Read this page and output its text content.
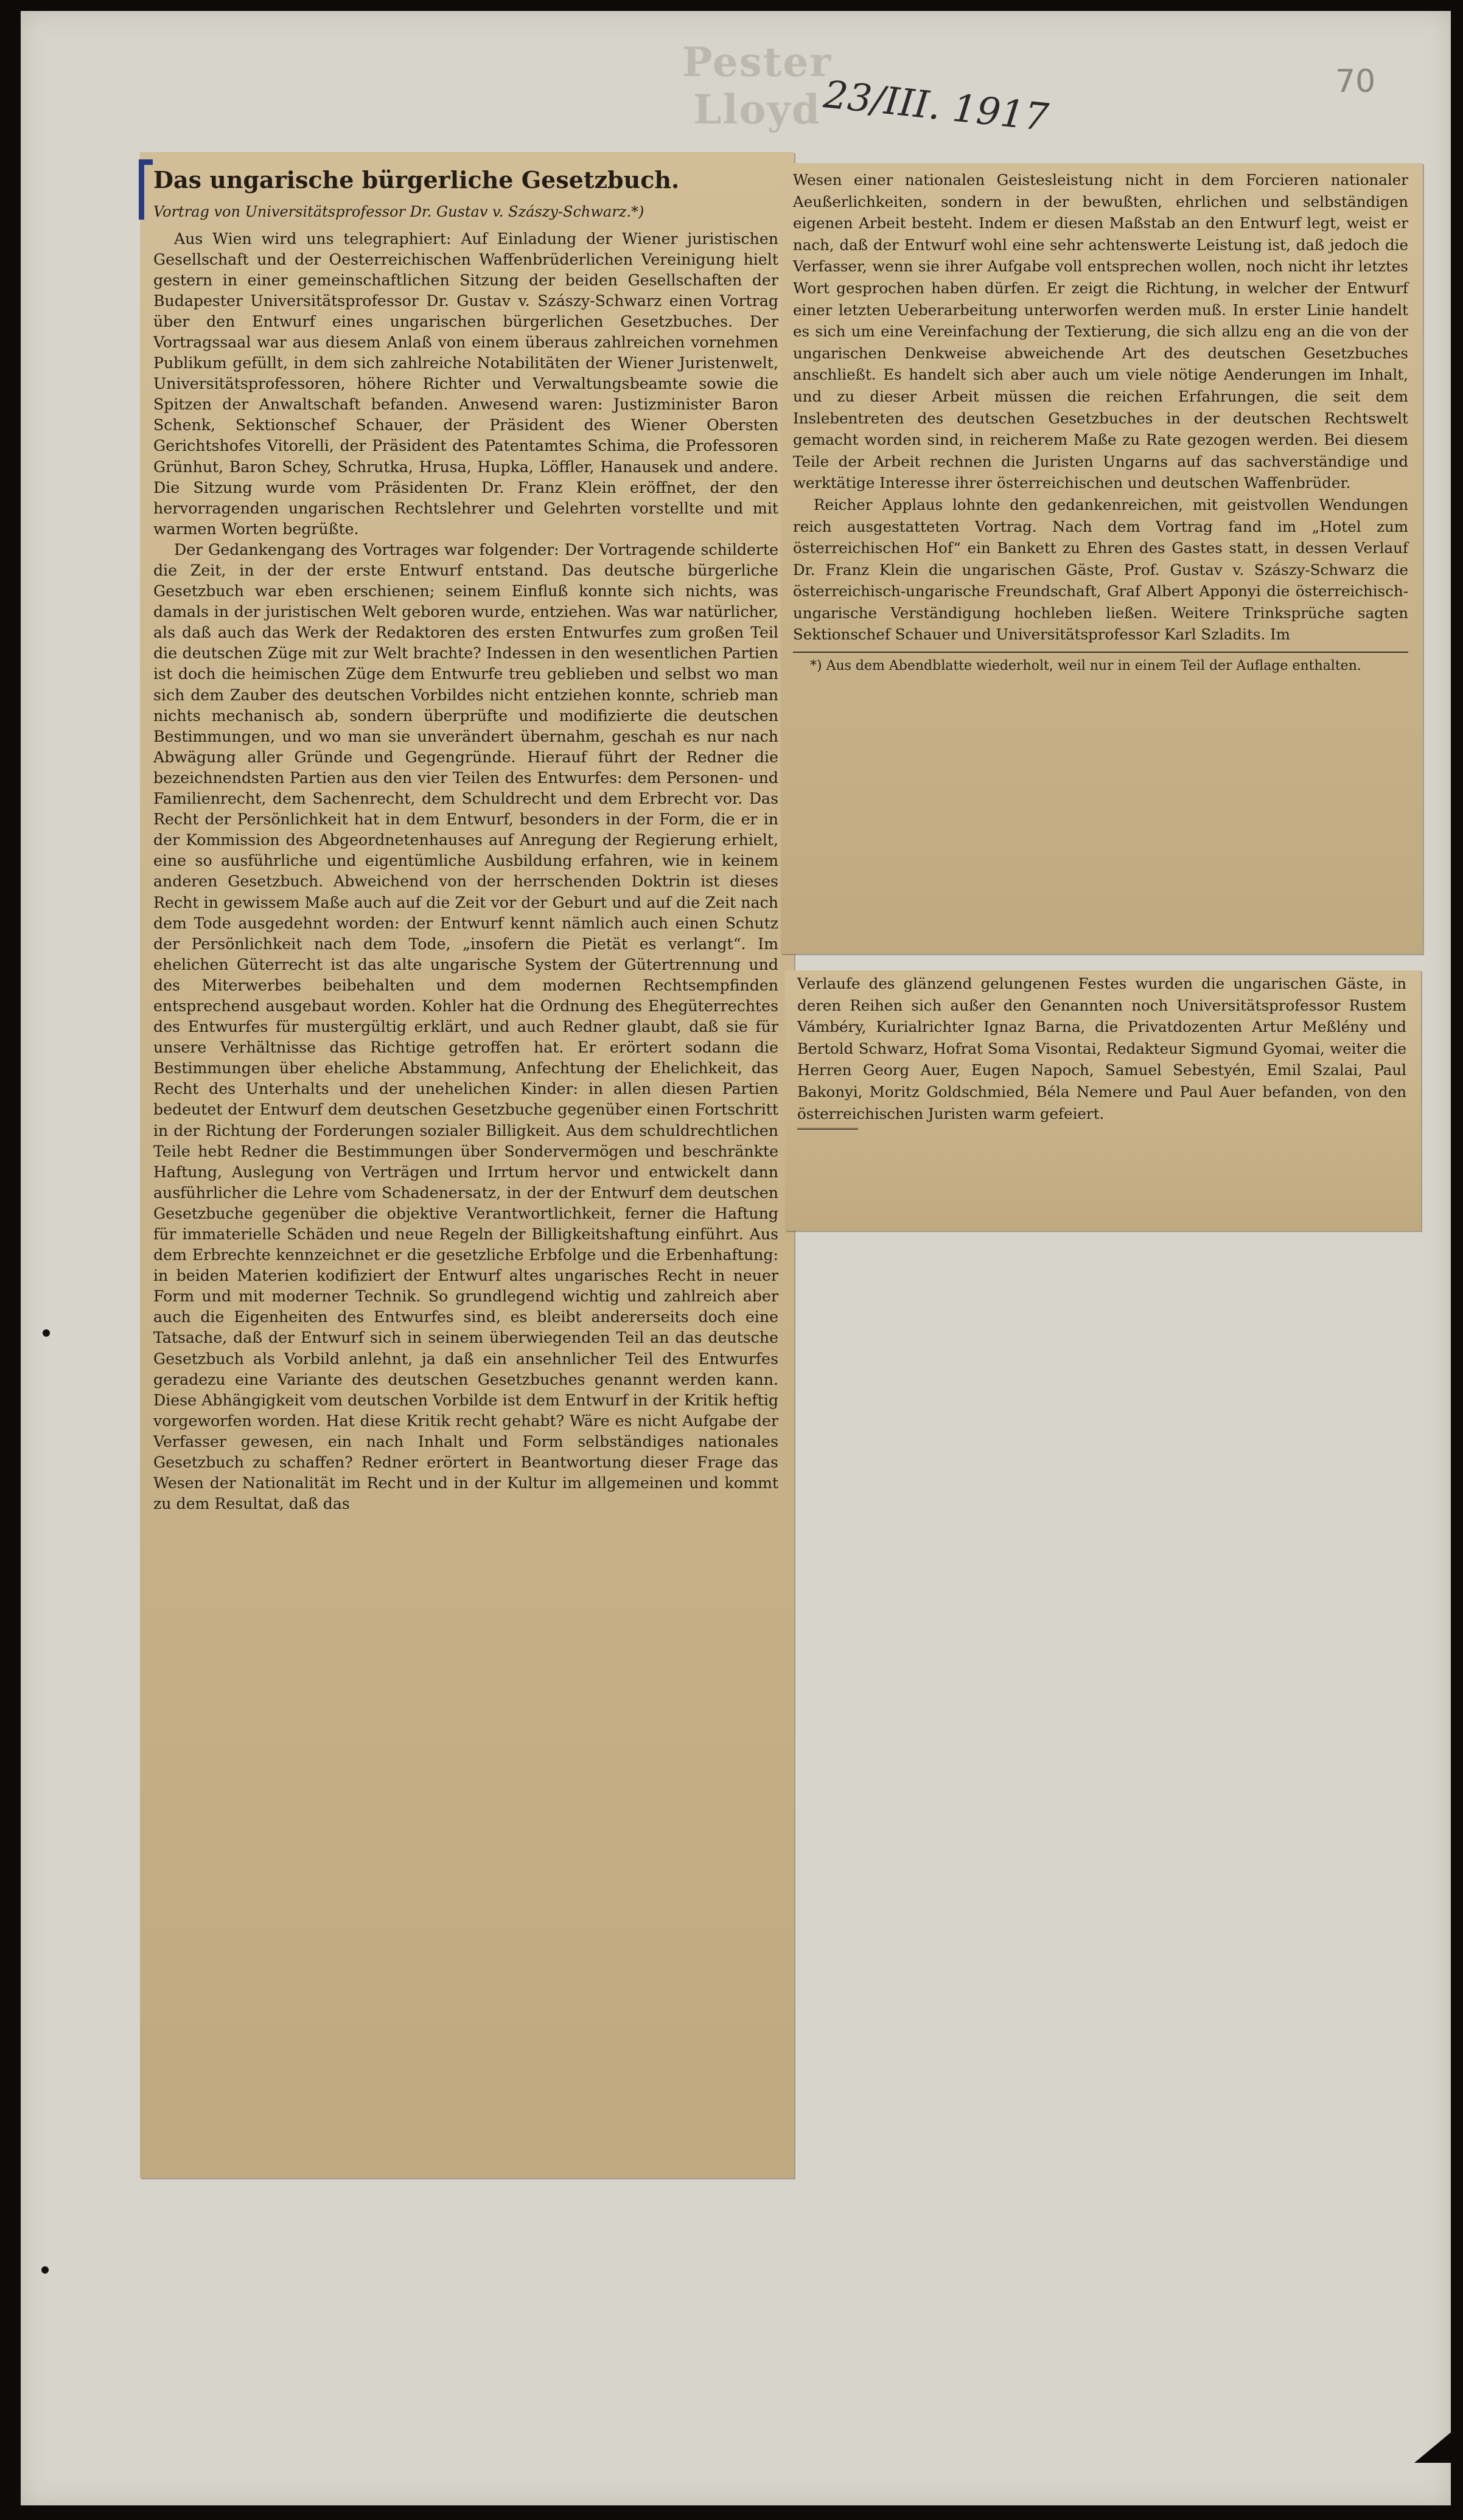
Pester Lloyd 23/III. 1917	70
Das ungarische bürgerliche Gesetzbuch.
Vortrag von Universitätsprofessor Dr. Gustav v. Szászy-Schwarz.*)

Aus Wien wird uns telegraphiert: Auf Einladung der Wiener juristischen Gesellschaft und der Oesterreichischen Waffenbrüderlichen Vereinigung hielt gestern in einer gemeinschaftlichen Sitzung der beiden Gesellschaften der Budapester Universitätsprofessor Dr. Gustav v. Szászy-Schwarz einen Vortrag über den Entwurf eines ungarischen bürgerlichen Gesetzbuches. Der Vortragssaal war aus diesem Anlaß von einem überaus zahlreichen vornehmen Publikum gefüllt, in dem sich zahlreiche Notabilitäten der Wiener Juristenwelt, Universitätsprofessoren, höhere Richter und Verwaltungsbeamte sowie die Spitzen der Anwaltschaft befanden. Anwesend waren: Justizminister Baron Schenk, Sektionschef Schauer, der Präsident des Wiener Obersten Gerichtshofes Vitorelli, der Präsident des Patentamtes Schima, die Professoren Grünhut, Baron Schey, Schrutka, Hrusa, Hupka, Löffler, Hanausek und andere. Die Sitzung wurde vom Präsidenten Dr. Franz Klein eröffnet, der den hervorragenden ungarischen Rechtslehrer und Gelehrten vorstellte und mit warmen Worten begrüßte.

Der Gedankengang des Vortrages war folgender: Der Vortragende schilderte die Zeit, in der der erste Entwurf entstand. Das deutsche bürgerliche Gesetzbuch war eben erschienen; seinem Einfluß konnte sich nichts, was damals in der juristischen Welt geboren wurde, entziehen. Was war natürlicher, als daß auch das Werk der Redaktoren des ersten Entwurfes zum großen Teil die deutschen Züge mit zur Welt brachte? Indessen in den wesentlichen Partien ist doch die heimischen Züge dem Entwurfe treu geblieben und selbst wo man sich dem Zauber des deutschen Vorbildes nicht entziehen konnte, schrieb man nichts mechanisch ab, sondern überprüfte und modifizierte die deutschen Bestimmungen, und wo man sie unverändert übernahm, geschah es nur nach Abwägung aller Gründe und Gegengründe. Hierauf führt der Redner die bezeichnendsten Partien aus den vier Teilen des Entwurfes: dem Personen- und Familienrecht, dem Sachenrecht, dem Schuldrecht und dem Erbrecht vor. Das Recht der Persönlichkeit hat in dem Entwurf, besonders in der Form, die er in der Kommission des Abgeordnetenhauses auf Anregung der Regierung erhielt, eine so ausführliche und eigentümliche Ausbildung erfahren, wie in keinem anderen Gesetzbuch. Abweichend von der herrschenden Doktrin ist dieses Recht in gewissem Maße auch auf die Zeit vor der Geburt und auf die Zeit nach dem Tode ausgedehnt worden: der Entwurf kennt nämlich auch einen Schutz der Persönlichkeit nach dem Tode, „insofern die Pietät es verlangt“. Im ehelichen Güterrecht ist das alte ungarische System der Gütertrennung und des Miterwerbes beibehalten und dem modernen Rechtsempfinden entsprechend ausgebaut worden. Kohler hat die Ordnung des Ehegüterrechtes des Entwurfes für mustergültig erklärt, und auch Redner glaubt, daß sie für unsere Verhältnisse das Richtige getroffen hat. Er erörtert sodann die Bestimmungen über eheliche Abstammung, Anfechtung der Ehelichkeit, das Recht des Unterhalts und der unehelichen Kinder: in allen diesen Partien bedeutet der Entwurf dem deutschen Gesetzbuche gegenüber einen Fortschritt in der Richtung der Forderungen sozialer Billigkeit. Aus dem schuldrechtlichen Teile hebt Redner die Bestimmungen über Sondervermögen und beschränkte Haftung, Auslegung von Verträgen und Irrtum hervor und entwickelt dann ausführlicher die Lehre vom Schadenersatz, in der der Entwurf dem deutschen Gesetzbuche gegenüber die objektive Verantwortlichkeit, ferner die Haftung für immaterielle Schäden und neue Regeln der Billigkeitshaftung einführt. Aus dem Erbrechte kennzeichnet er die gesetzliche Erbfolge und die Erbenhaftung: in beiden Materien kodifiziert der Entwurf altes ungarisches Recht in neuer Form und mit moderner Technik. So grundlegend wichtig und zahlreich aber auch die Eigenheiten des Entwurfes sind, es bleibt andererseits doch eine Tatsache, daß der Entwurf sich in seinem überwiegenden Teil an das deutsche Gesetzbuch als Vorbild anlehnt, ja daß ein ansehnlicher Teil des Entwurfes geradezu eine Variante des deutschen Gesetzbuches genannt werden kann. Diese Abhängigkeit vom deutschen Vorbilde ist dem Entwurf in der Kritik heftig vorgeworfen worden. Hat diese Kritik recht gehabt? Wäre es nicht Aufgabe der Verfasser gewesen, ein nach Inhalt und Form selbständiges nationales Gesetzbuch zu schaffen? Redner erörtert in Beantwortung dieser Frage das Wesen der Nationalität im Recht und in der Kultur im allgemeinen und kommt zu dem Resultat, daß das

Wesen einer nationalen Geistesleistung nicht in dem Forcieren nationaler Aeußerlichkeiten, sondern in der bewußten, ehrlichen und selbständigen eigenen Arbeit besteht. Indem er diesen Maßstab an den Entwurf legt, weist er nach, daß der Entwurf wohl eine sehr achtenswerte Leistung ist, daß jedoch die Verfasser, wenn sie ihrer Aufgabe voll entsprechen wollen, noch nicht ihr letztes Wort gesprochen haben dürfen. Er zeigt die Richtung, in welcher der Entwurf einer letzten Ueberarbeitung unterworfen werden muß. In erster Linie handelt es sich um eine Vereinfachung der Textierung, die sich allzu eng an die von der ungarischen Denkweise abweichende Art des deutschen Gesetzbuches anschließt. Es handelt sich aber auch um viele nötige Aenderungen im Inhalt, und zu dieser Arbeit müssen die reichen Erfahrungen, die seit dem Inslebentreten des deutschen Gesetzbuches in der deutschen Rechtswelt gemacht worden sind, in reicherem Maße zu Rate gezogen werden. Bei diesem Teile der Arbeit rechnen die Juristen Ungarns auf das sachverständige und werktätige Interesse ihrer österreichischen und deutschen Waffenbrüder.

Reicher Applaus lohnte den gedankenreichen, mit geistvollen Wendungen reich ausgestatteten Vortrag. Nach dem Vortrag fand im „Hotel zum österreichischen Hof“ ein Bankett zu Ehren des Gastes statt, in dessen Verlauf Dr. Franz Klein die ungarischen Gäste, Prof. Gustav v. Szászy-Schwarz die österreichisch-ungarische Freundschaft, Graf Albert Apponyi die österreichisch-ungarische Verständigung hochleben ließen. Weitere Trinksprüche sagten Sektionschef Schauer und Universitätsprofessor Karl Szladits. Im

*) Aus dem Abendblatte wiederholt, weil nur in einem Teil der Auflage enthalten.

Verlaufe des glänzend gelungenen Festes wurden die ungarischen Gäste, in deren Reihen sich außer den Genannten noch Universitätsprofessor Rustem Vámbéry, Kurialrichter Ignaz Barna, die Privatdozenten Artur Meßlény und Bertold Schwarz, Hofrat Soma Visontai, Redakteur Sigmund Gyomai, weiter die Herren Georg Auer, Eugen Napoch, Samuel Sebestyén, Emil Szalai, Paul Bakonyi, Moritz Goldschmied, Béla Nemere und Paul Auer befanden, von den österreichischen Juristen warm gefeiert.
